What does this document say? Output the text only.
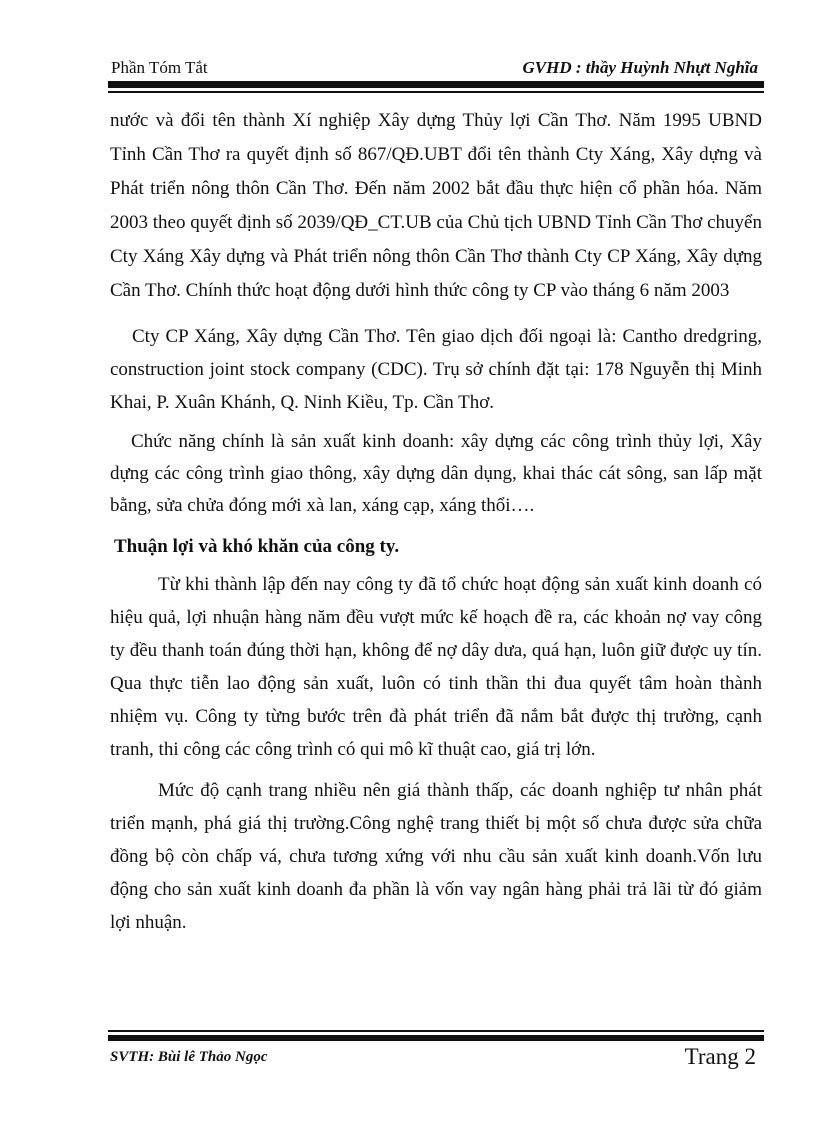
Phần Tóm Tắt	GVHD : thầy Huỳnh Nhựt Nghĩa

nước và đổi tên thành Xí nghiệp Xây dựng Thủy lợi Cần Thơ. Năm 1995 UBND Tỉnh Cần Thơ ra quyết định số 867/QĐ.UBT đổi tên thành Cty Xáng, Xây dựng và Phát triển nông thôn Cần Thơ. Đến năm 2002 bắt đầu thực hiện cổ phần hóa. Năm 2003 theo quyết định số 2039/QĐ_CT.UB của Chủ tịch UBND Tỉnh Cần Thơ chuyển Cty Xáng Xây dựng và Phát triển nông thôn Cần Thơ thành Cty CP Xáng, Xây dựng Cần Thơ. Chính thức hoạt động dưới hình thức công ty CP vào tháng 6 năm 2003

Cty CP Xáng, Xây dựng Cần Thơ. Tên giao dịch đối ngoại là: Cantho dredgring, construction joint stock company (CDC). Trụ sở chính đặt tại: 178 Nguyễn thị Minh Khai, P. Xuân Khánh, Q. Ninh Kiều, Tp. Cần Thơ.

Chức năng chính là sản xuất kinh doanh: xây dựng các công trình thủy lợi, Xây dựng các công trình giao thông, xây dựng dân dụng, khai thác cát sông, san lấp mặt bằng, sửa chửa đóng mới xà lan, xáng cạp, xáng thổi….

Thuận lợi và khó khăn của công ty.

Từ khi thành lập đến nay công ty đã tổ chức hoạt động sản xuất kinh doanh có hiệu quả, lợi nhuận hàng năm đều vượt mức kế hoạch đề ra, các khoản nợ vay công ty đều thanh toán đúng thời hạn, không để nợ dây dưa, quá hạn, luôn giữ được uy tín. Qua thực tiễn lao động sản xuất, luôn có tinh thần thi đua quyết tâm hoàn thành nhiệm vụ. Công ty từng bước trên đà phát triển đã nắm bắt được thị trường, cạnh tranh, thi công các công trình có qui mô kĩ thuật cao, giá trị lớn.

Mức độ cạnh trang nhiều nên giá thành thấp, các doanh nghiệp tư nhân phát triển mạnh, phá giá thị trường.Công nghệ trang thiết bị một số chưa được sửa chữa đồng bộ còn chấp vá, chưa tương xứng với nhu cầu sản xuất kinh doanh.Vốn lưu động cho sản xuất kinh doanh đa phần là vốn vay ngân hàng phải trả lãi từ đó giảm lợi nhuận.

SVTH: Bùi lê Thảo Ngọc	Trang 2
